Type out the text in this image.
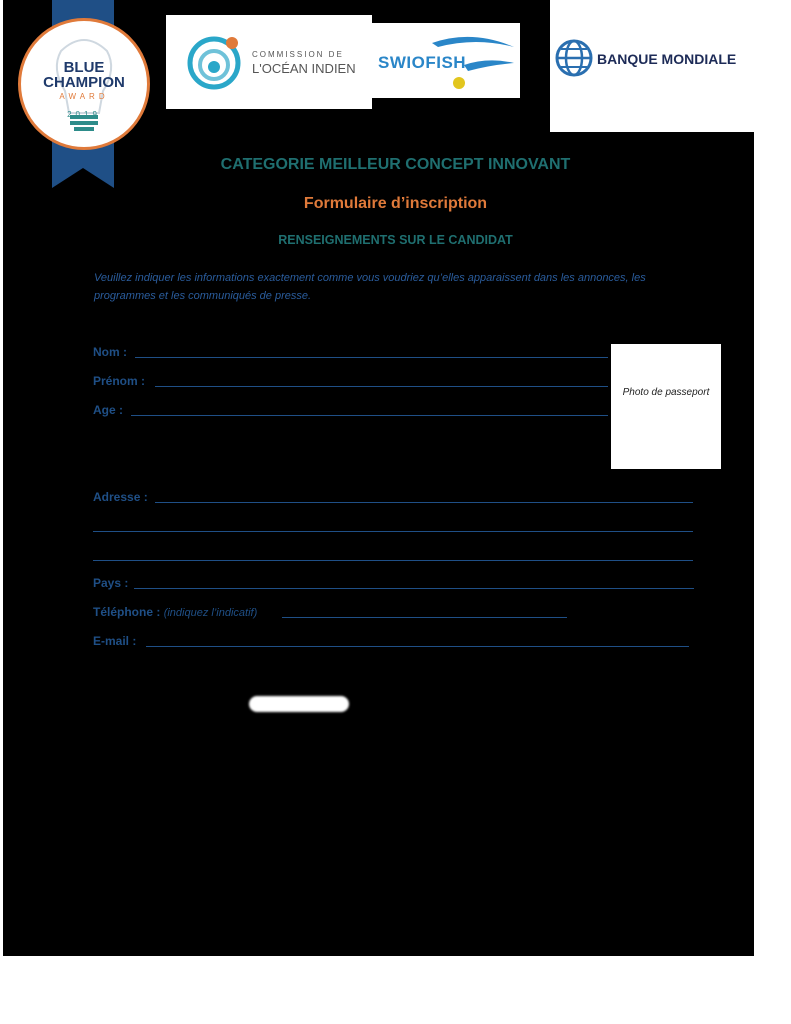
BLUE
CHAMPION
AWARD
2019
COMMISSION DE
L'OCÉAN INDIEN SWIOFISH	BANQUE MONDIALE
CATEGORIE MEILLEUR CONCEPT INNOVANT
Formulaire d’inscription
RENSEIGNEMENTS SUR LE CANDIDAT
Veuillez indiquer les informations exactement comme vous voudriez qu’elles apparaissent dans les annonces, les programmes et les communiqués de presse.
Nom :
Prénom :
Age :
Photo de passeport
Adresse :
Pays :
Téléphone : (indiquez l’indicatif)
E-mail :
